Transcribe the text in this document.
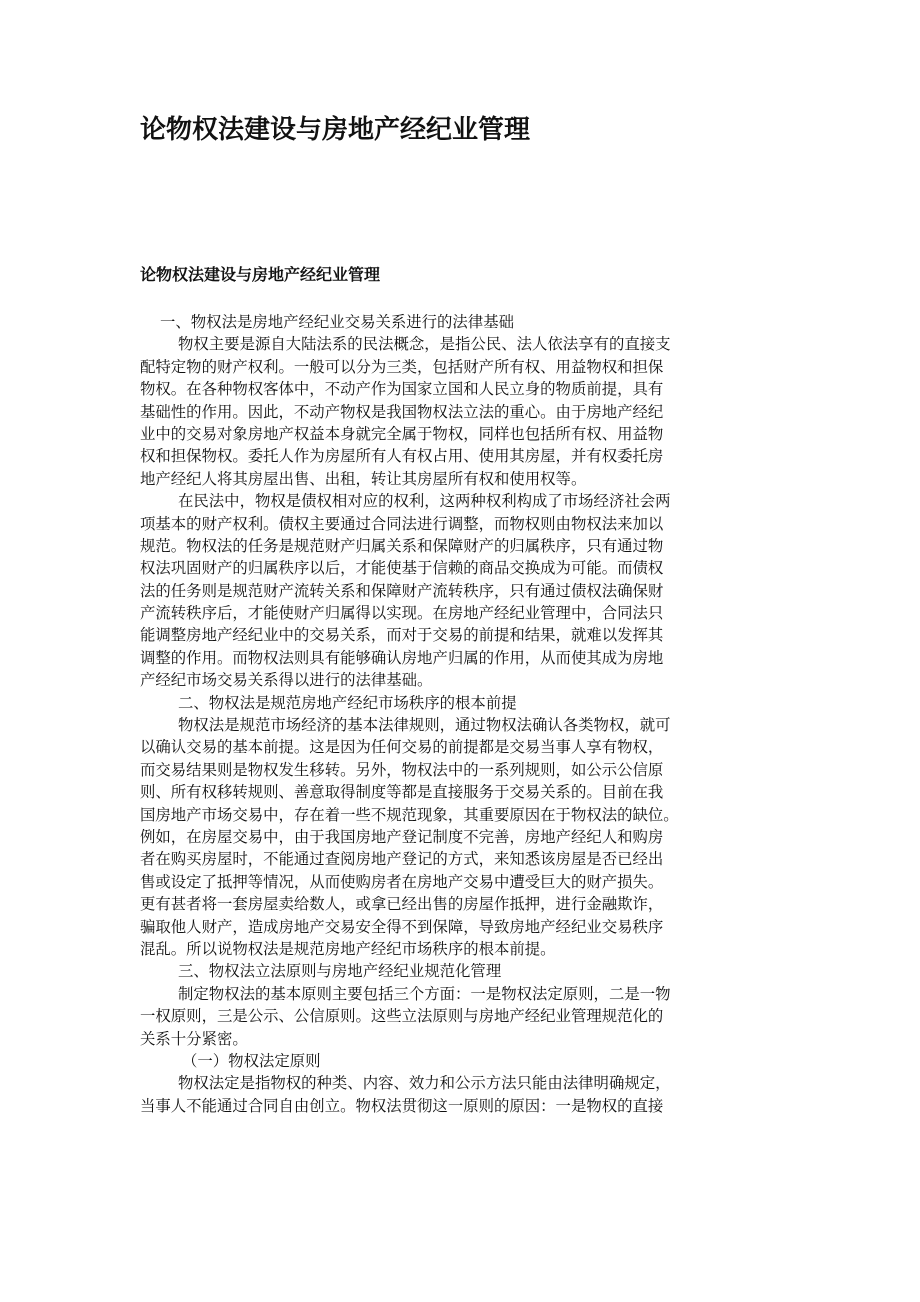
论物权法建设与房地产经纪业管理
论物权法建设与房地产经纪业管理
一、物权法是房地产经纪业交易关系进行的法律基础
物权主要是源自大陆法系的民法概念，是指公民、法人依法享有的直接支
配特定物的财产权利。一般可以分为三类，包括财产所有权、用益物权和担保
物权。在各种物权客体中，不动产作为国家立国和人民立身的物质前提，具有
基础性的作用。因此，不动产物权是我国物权法立法的重心。由于房地产经纪
业中的交易对象房地产权益本身就完全属于物权，同样也包括所有权、用益物
权和担保物权。委托人作为房屋所有人有权占用、使用其房屋，并有权委托房
地产经纪人将其房屋出售、出租，转让其房屋所有权和使用权等。
在民法中，物权是债权相对应的权利，这两种权利构成了市场经济社会两
项基本的财产权利。债权主要通过合同法进行调整，而物权则由物权法来加以
规范。物权法的任务是规范财产归属关系和保障财产的归属秩序，只有通过物
权法巩固财产的归属秩序以后，才能使基于信赖的商品交换成为可能。而债权
法的任务则是规范财产流转关系和保障财产流转秩序，只有通过债权法确保财
产流转秩序后，才能使财产归属得以实现。在房地产经纪业管理中，合同法只
能调整房地产经纪业中的交易关系，而对于交易的前提和结果，就难以发挥其
调整的作用。而物权法则具有能够确认房地产归属的作用，从而使其成为房地
产经纪市场交易关系得以进行的法律基础。
二、物权法是规范房地产经纪市场秩序的根本前提
物权法是规范市场经济的基本法律规则，通过物权法确认各类物权，就可
以确认交易的基本前提。这是因为任何交易的前提都是交易当事人享有物权，
而交易结果则是物权发生移转。另外，物权法中的一系列规则，如公示公信原
则、所有权移转规则、善意取得制度等都是直接服务于交易关系的。目前在我
国房地产市场交易中，存在着一些不规范现象，其重要原因在于物权法的缺位。
例如，在房屋交易中，由于我国房地产登记制度不完善，房地产经纪人和购房
者在购买房屋时，不能通过查阅房地产登记的方式，来知悉该房屋是否已经出
售或设定了抵押等情况，从而使购房者在房地产交易中遭受巨大的财产损失。
更有甚者将一套房屋卖给数人，或拿已经出售的房屋作抵押，进行金融欺诈，
骗取他人财产，造成房地产交易安全得不到保障，导致房地产经纪业交易秩序
混乱。所以说物权法是规范房地产经纪市场秩序的根本前提。
三、物权法立法原则与房地产经纪业规范化管理
制定物权法的基本原则主要包括三个方面：一是物权法定原则，二是一物
一权原则，三是公示、公信原则。这些立法原则与房地产经纪业管理规范化的
关系十分紧密。
（一）物权法定原则
物权法定是指物权的种类、内容、效力和公示方法只能由法律明确规定，
当事人不能通过合同自由创立。物权法贯彻这一原则的原因：一是物权的直接
